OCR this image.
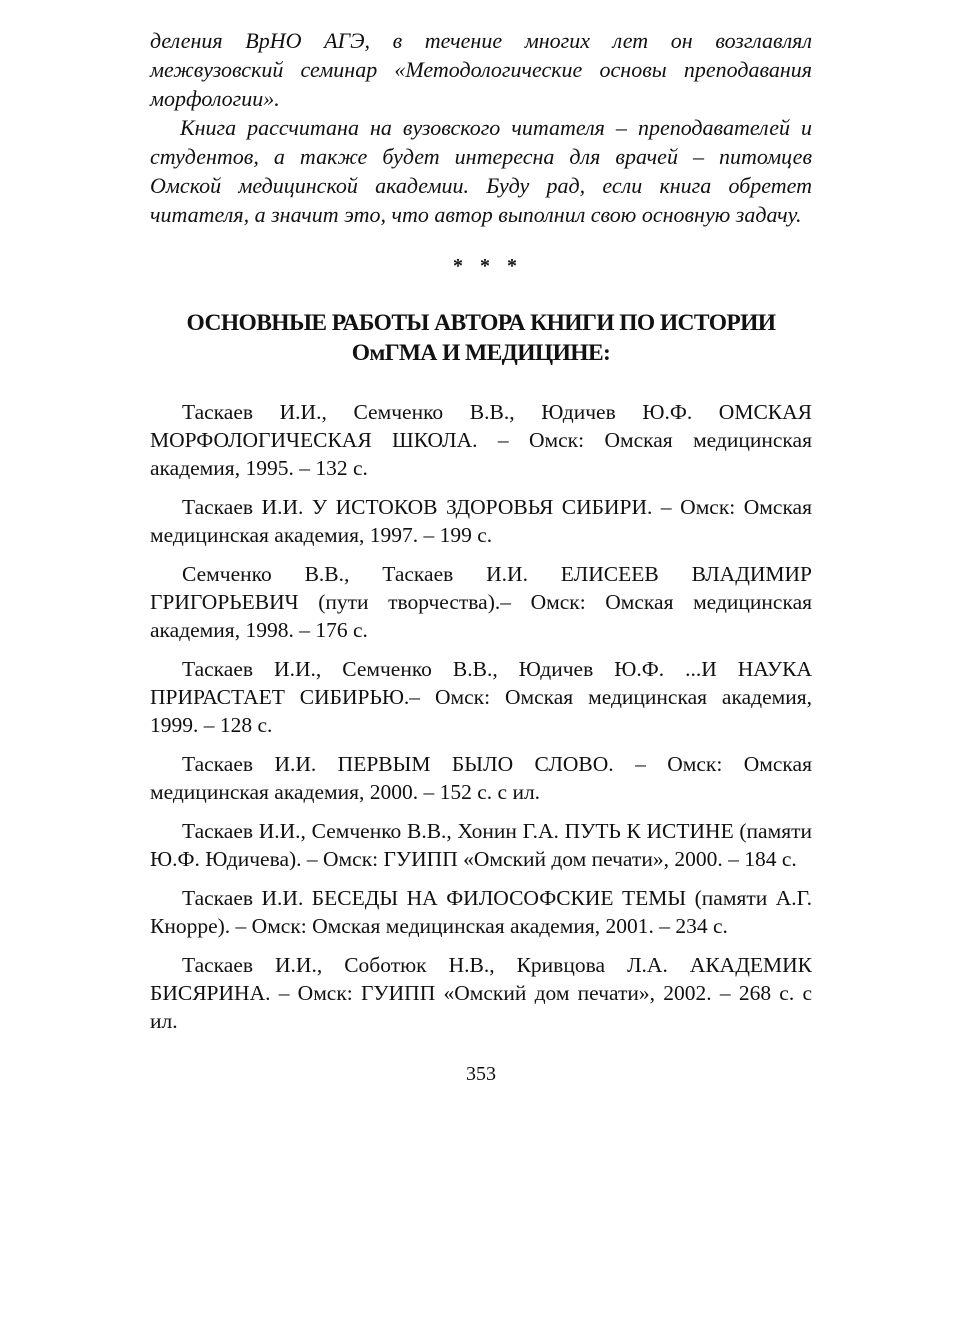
деления ВрНО АГЭ, в течение многих лет он возглавлял межвузовский семинар «Методологические основы преподавания морфологии».

Книга рассчитана на вузовского читателя – преподавателей и студентов, а также будет интересна для врачей – питомцев Омской медицинской академии. Буду рад, если книга обретет читателя, а значит это, что автор выполнил свою основную задачу.

* * *
ОСНОВНЫЕ РАБОТЫ АВТОРА КНИГИ ПО ИСТОРИИ
ОмГМА И МЕДИЦИНЕ:

Таскаев И.И., Семченко В.В., Юдичев Ю.Ф. ОМСКАЯ МОРФОЛОГИЧЕСКАЯ ШКОЛА. – Омск: Омская медицинская академия, 1995. – 132 с.

Таскаев И.И. У ИСТОКОВ ЗДОРОВЬЯ СИБИРИ. – Омск: Омская медицинская академия, 1997. – 199 с.

Семченко В.В., Таскаев И.И. ЕЛИСЕЕВ ВЛАДИМИР ГРИГОРЬЕВИЧ (пути творчества).– Омск: Омская медицинская академия, 1998. – 176 с.

Таскаев И.И., Семченко В.В., Юдичев Ю.Ф. ...И НАУКА ПРИРАСТАЕТ СИБИРЬЮ.– Омск: Омская медицинская академия, 1999. – 128 с.

Таскаев И.И. ПЕРВЫМ БЫЛО СЛОВО. – Омск: Омская медицинская академия, 2000. – 152 с. с ил.

Таскаев И.И., Семченко В.В., Хонин Г.А. ПУТЬ К ИСТИНЕ (памяти Ю.Ф. Юдичева). – Омск: ГУИПП «Омский дом печати», 2000. – 184 с.

Таскаев И.И. БЕСЕДЫ НА ФИЛОСОФСКИЕ ТЕМЫ (памяти А.Г. Кнорре). – Омск: Омская медицинская академия, 2001. – 234 с.

Таскаев И.И., Соботюк Н.В., Кривцова Л.А. АКАДЕМИК БИСЯРИНА. – Омск: ГУИПП «Омский дом печати», 2002. – 268 с. с ил.

353
